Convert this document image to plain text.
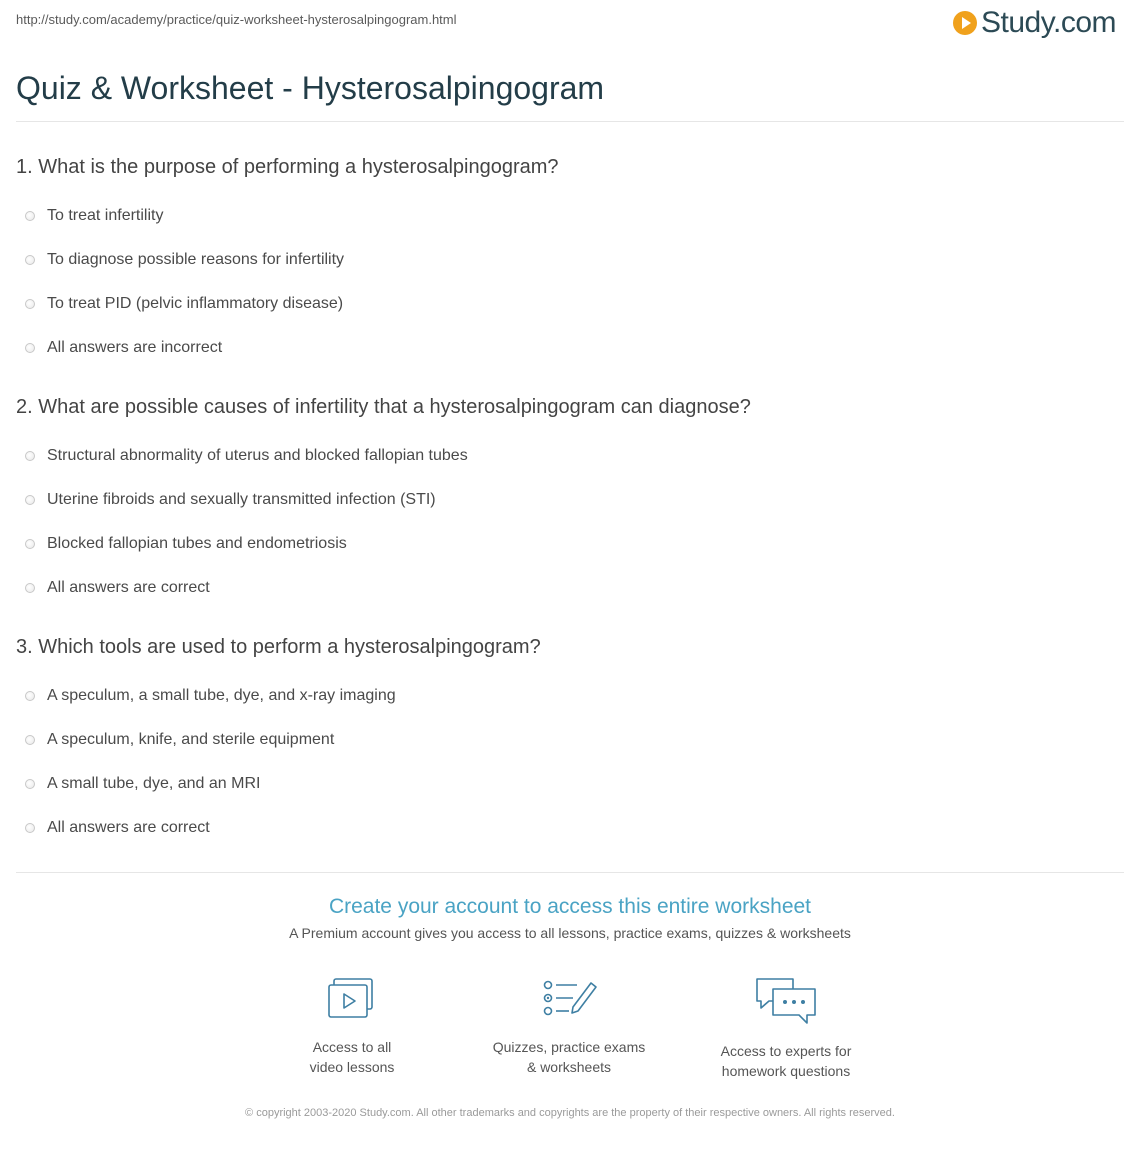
http://study.com/academy/practice/quiz-worksheet-hysterosalpingogram.html	Study.com
Quiz & Worksheet - Hysterosalpingogram
1. What is the purpose of performing a hysterosalpingogram?
To treat infertility
To diagnose possible reasons for infertility
To treat PID (pelvic inflammatory disease)
All answers are incorrect
2. What are possible causes of infertility that a hysterosalpingogram can diagnose?
Structural abnormality of uterus and blocked fallopian tubes
Uterine fibroids and sexually transmitted infection (STI)
Blocked fallopian tubes and endometriosis
All answers are correct
3. Which tools are used to perform a hysterosalpingogram?
A speculum, a small tube, dye, and x-ray imaging
A speculum, knife, and sterile equipment
A small tube, dye, and an MRI
All answers are correct
Create your account to access this entire worksheet
A Premium account gives you access to all lessons, practice exams, quizzes & worksheets
Access to all
video lessons
Quizzes, practice exams
& worksheets
Access to experts for
homework questions
© copyright 2003-2020 Study.com. All other trademarks and copyrights are the property of their respective owners. All rights reserved.
